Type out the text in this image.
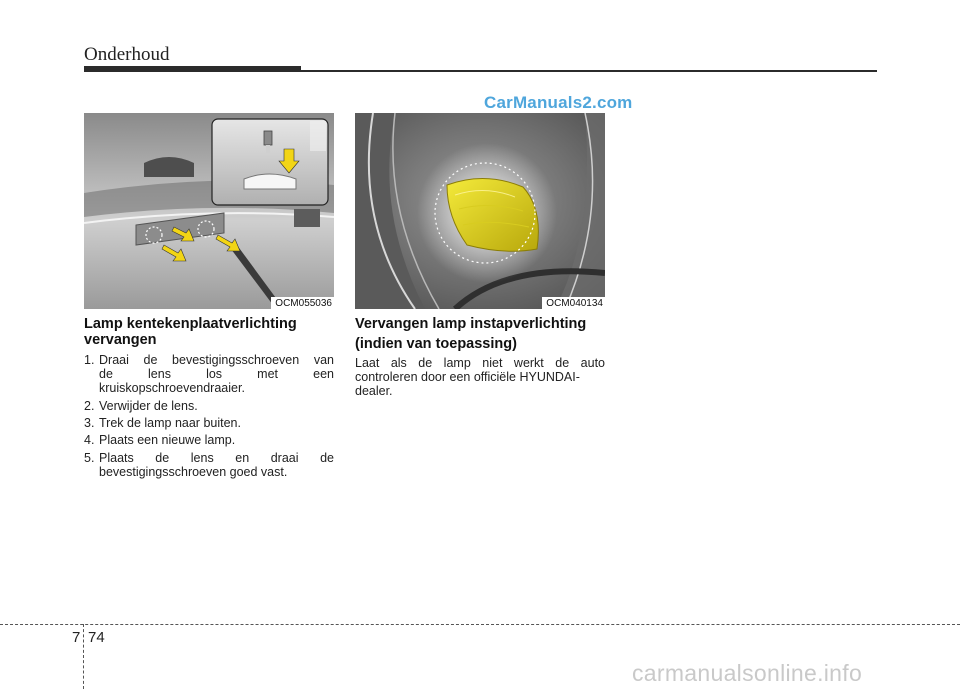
Onderhoud
CarManuals2.com
OCM055036	OCM040134
Lamp kentekenplaatverlichting
vervangen
1. Draai de bevestigingsschroeven van
de lens los met een
kruiskopschroevendraaier.
2. Verwijder de lens.
3. Trek de lamp naar buiten.
4. Plaats een nieuwe lamp.
5. Plaats de lens en draai de
bevestigingsschroeven goed vast.
Vervangen lamp instapverlichting
(indien van toepassing)
Laat als de lamp niet werkt de auto
controleren door een officiële HYUNDAI-
dealer.
7 74
carmanualsonline.info
